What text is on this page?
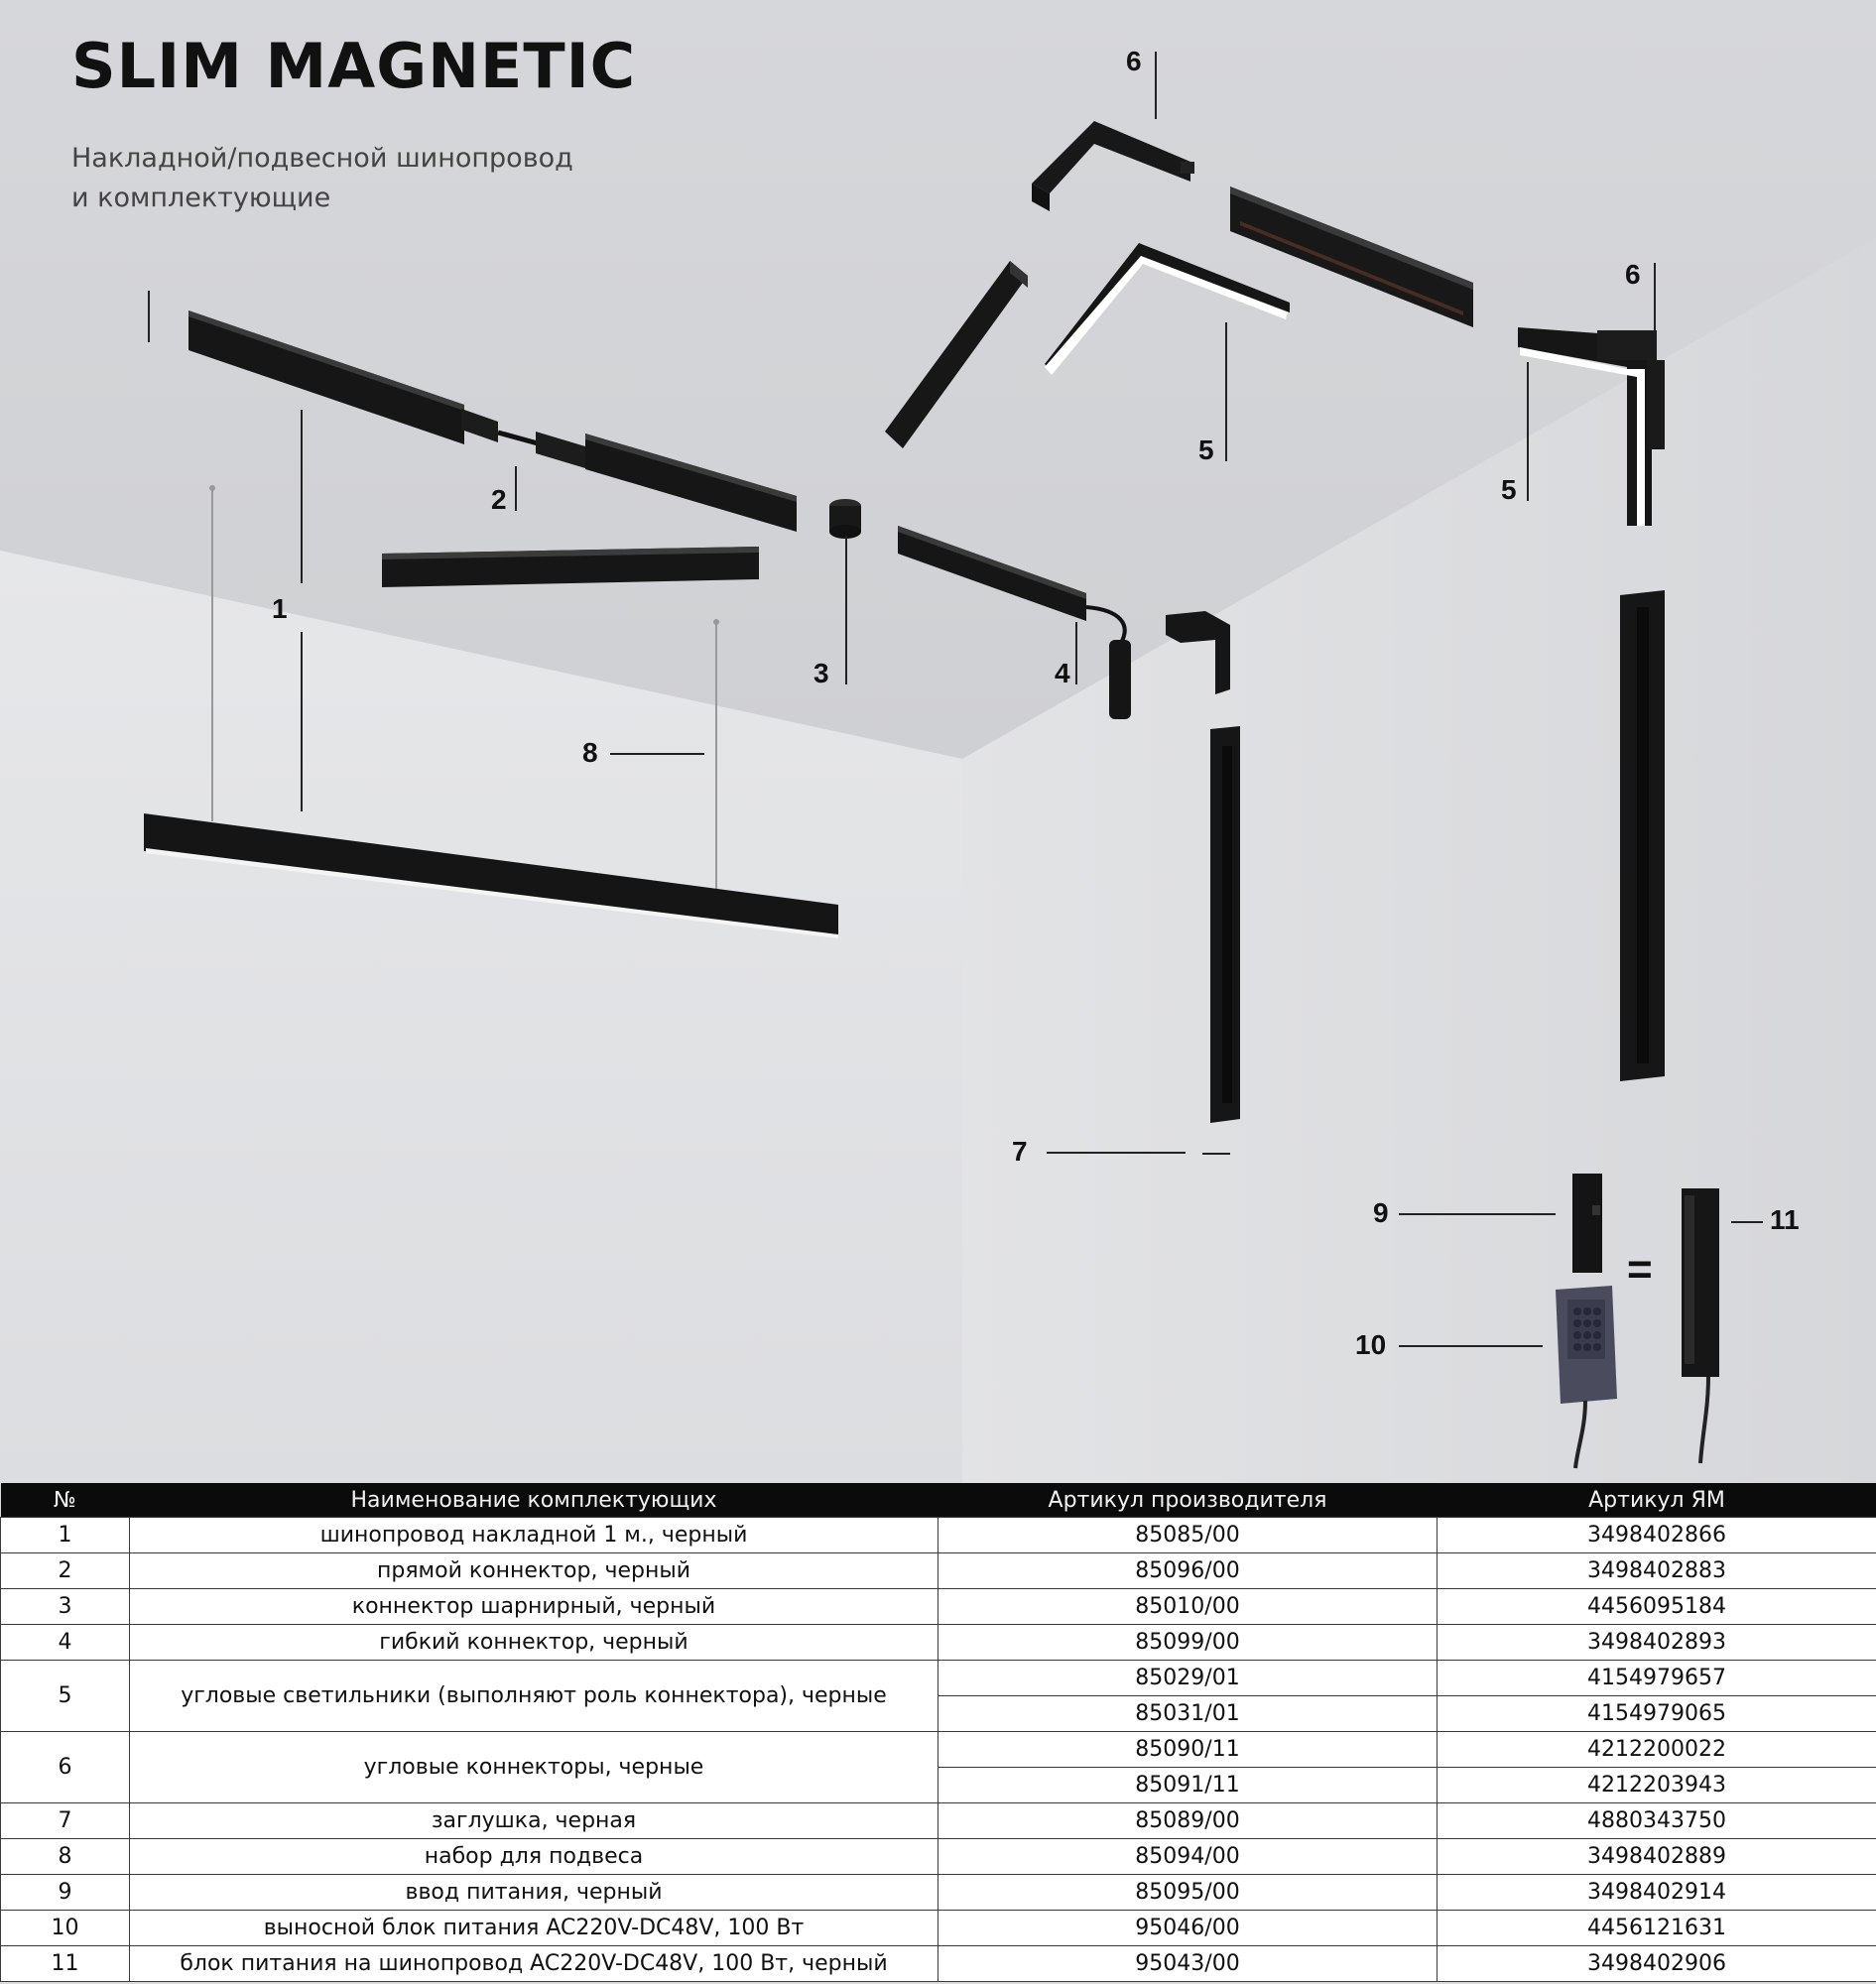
SLIM MAGNETIC
Накладной/подвесной шинопровод
и комплектующие
1
2
3	4
5
5
6
6
7
8
9
10
11
=
№	Наименование комплектующих	Артикул производителя	Артикул ЯМ
1	шинопровод накладной 1 м., черный	85085/00	3498402866
2	прямой коннектор, черный	85096/00	3498402883
3	коннектор шарнирный, черный	85010/00	4456095184
4	гибкий коннектор, черный	85099/00	3498402893
5	угловые светильники (выполняют роль коннектора), черные	85029/01	4154979657
		85031/01	4154979065
6	угловые коннекторы, черные	85090/11	4212200022
		85091/11	4212203943
7	заглушка, черная	85089/00	4880343750
8	набор для подвеса	85094/00	3498402889
9	ввод питания, черный	85095/00	3498402914
10	выносной блок питания AC220V-DC48V, 100 Вт	95046/00	4456121631
11	блок питания на шинопровод AC220V-DC48V, 100 Вт, черный	95043/00	3498402906
